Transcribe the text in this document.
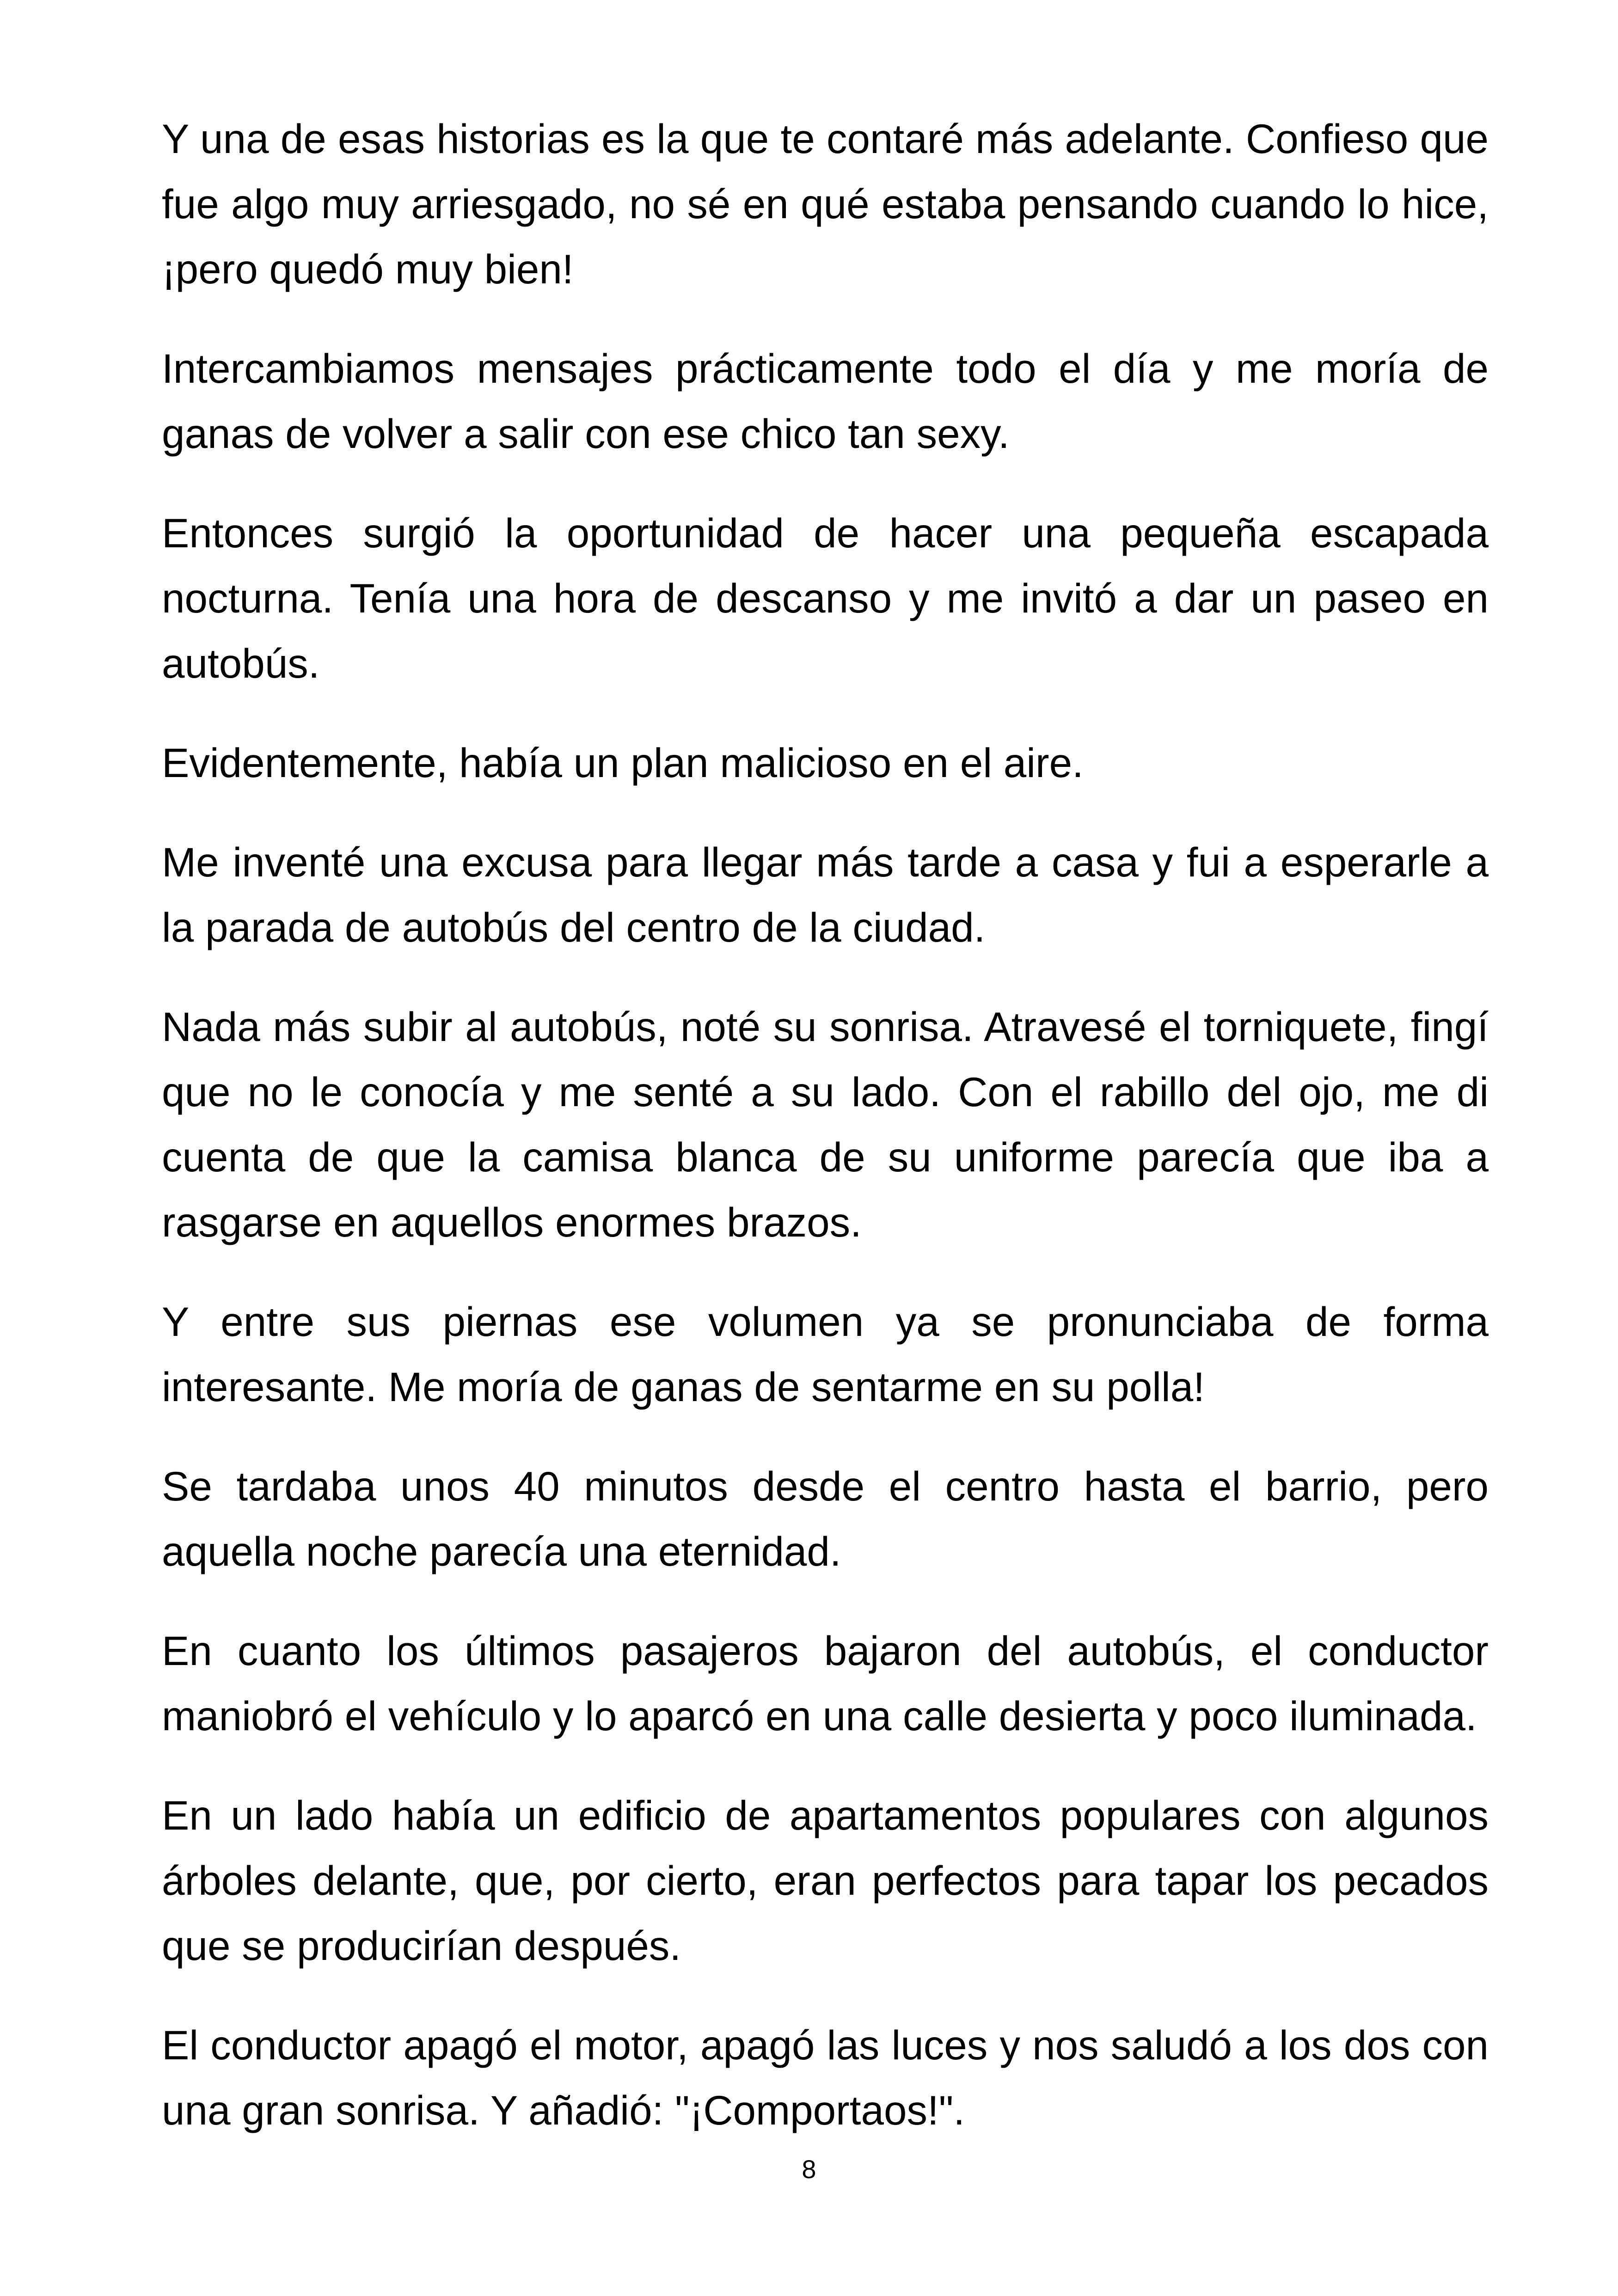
Y una de esas historias es la que te contaré más adelante. Confieso que fue algo muy arriesgado, no sé en qué estaba pensando cuando lo hice, ¡pero quedó muy bien!

Intercambiamos mensajes prácticamente todo el día y me moría de ganas de volver a salir con ese chico tan sexy.

Entonces surgió la oportunidad de hacer una pequeña escapada nocturna. Tenía una hora de descanso y me invitó a dar un paseo en autobús.

Evidentemente, había un plan malicioso en el aire.

Me inventé una excusa para llegar más tarde a casa y fui a esperarle a la parada de autobús del centro de la ciudad.

Nada más subir al autobús, noté su sonrisa. Atravesé el torniquete, fingí que no le conocía y me senté a su lado. Con el rabillo del ojo, me di cuenta de que la camisa blanca de su uniforme parecía que iba a rasgarse en aquellos enormes brazos.

Y entre sus piernas ese volumen ya se pronunciaba de forma interesante. Me moría de ganas de sentarme en su polla!

Se tardaba unos 40 minutos desde el centro hasta el barrio, pero aquella noche parecía una eternidad.

En cuanto los últimos pasajeros bajaron del autobús, el conductor maniobró el vehículo y lo aparcó en una calle desierta y poco iluminada.

En un lado había un edificio de apartamentos populares con algunos árboles delante, que, por cierto, eran perfectos para tapar los pecados que se producirían después.

El conductor apagó el motor, apagó las luces y nos saludó a los dos con una gran sonrisa. Y añadió: "¡Comportaos!".

8
